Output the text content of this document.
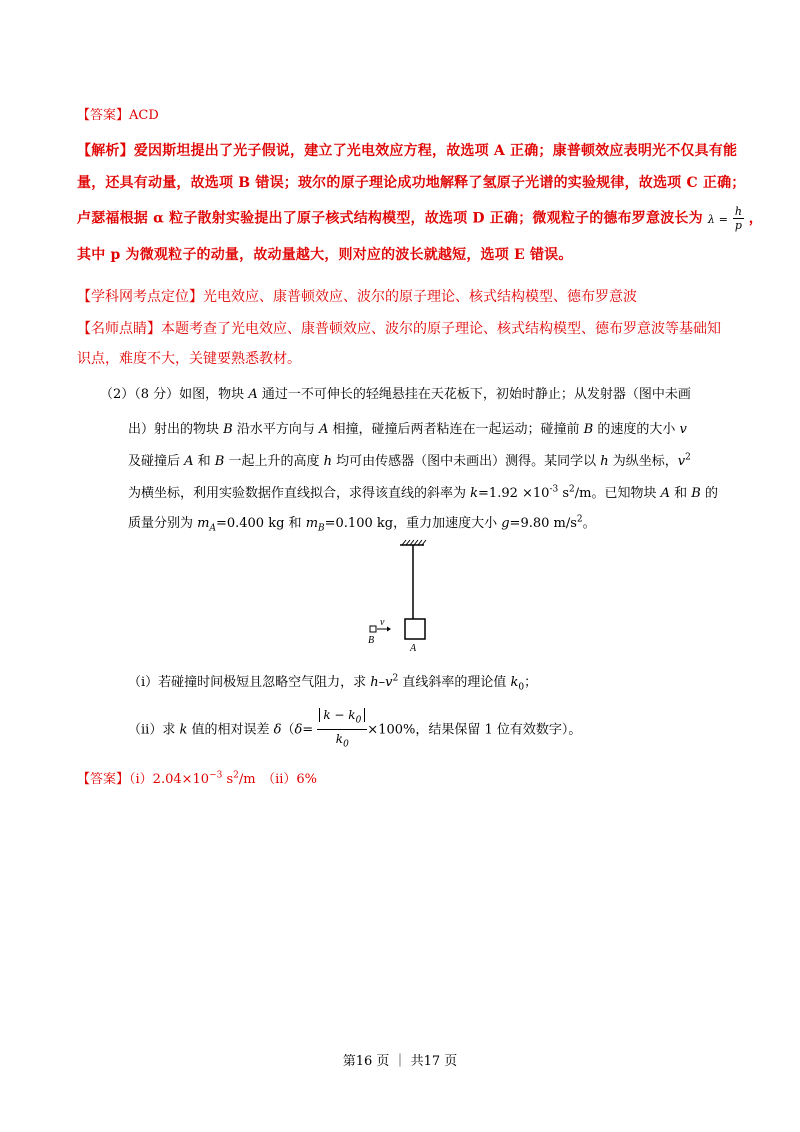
【答案】ACD
【解析】爱因斯坦提出了光子假说，建立了光电效应方程，故选项 A 正确；康普顿效应表明光不仅具有能
量，还具有动量，故选项 B 错误；玻尔的原子理论成功地解释了氢原子光谱的实验规律，故选项 C 正确；
卢瑟福根据 α 粒子散射实验提出了原子核式结构模型，故选项 D 正确；微观粒子的德布罗意波长为 $\lambda = \frac{h}{p}$ ，
其中 p 为微观粒子的动量，故动量越大，则对应的波长就越短，选项 E 错误。
【学科网考点定位】光电效应、康普顿效应、波尔的原子理论、核式结构模型、德布罗意波
【名师点睛】本题考查了光电效应、康普顿效应、波尔的原子理论、核式结构模型、德布罗意波等基础知
识点，难度不大，关键要熟悉教材。
（2）（8 分）如图，物块 A 通过一不可伸长的轻绳悬挂在天花板下，初始时静止；从发射器（图中未画
出）射出的物块 B 沿水平方向与 A 相撞，碰撞后两者粘连在一起运动；碰撞前 B 的速度的大小 v
及碰撞后 A 和 B 一起上升的高度 h 均可由传感器（图中未画出）测得。某同学以 h 为纵坐标，$v^2$
为横坐标，利用实验数据作直线拟合，求得该直线的斜率为 $k=1.92 \times 10^{-3}$ $s^2/m$。已知物块 A 和 B 的
质量分别为 $m_A=0.400$ kg 和 $m_B=0.100$ kg，重力加速度大小 g=9.80 $m/s^2$。
v
B
A
（i）若碰撞时间极短且忽略空气阻力，求 $h-v^2$ 直线斜率的理论值 $k_0$；
（ii）求 k 值的相对误差 $\delta(\delta= \frac{k - k_0}{k_0} \times 100\%$，结果保留 1 位有效数字）。
【答案】$(i)2.04\times 10^{-3}$ $s^2/m$　（ii）6%
第16 页 ｜ 共17 页
